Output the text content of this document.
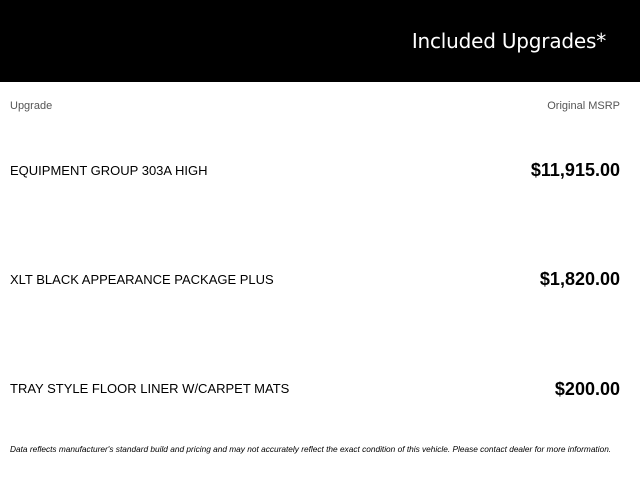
Included Upgrades*
Upgrade	Original MSRP
EQUIPMENT GROUP 303A HIGH	$11,915.00
XLT BLACK APPEARANCE PACKAGE PLUS	$1,820.00
TRAY STYLE FLOOR LINER W/CARPET MATS	$200.00
Data reflects manufacturer's standard build and pricing and may not accurately reflect the exact condition of this vehicle. Please contact dealer for more information.
